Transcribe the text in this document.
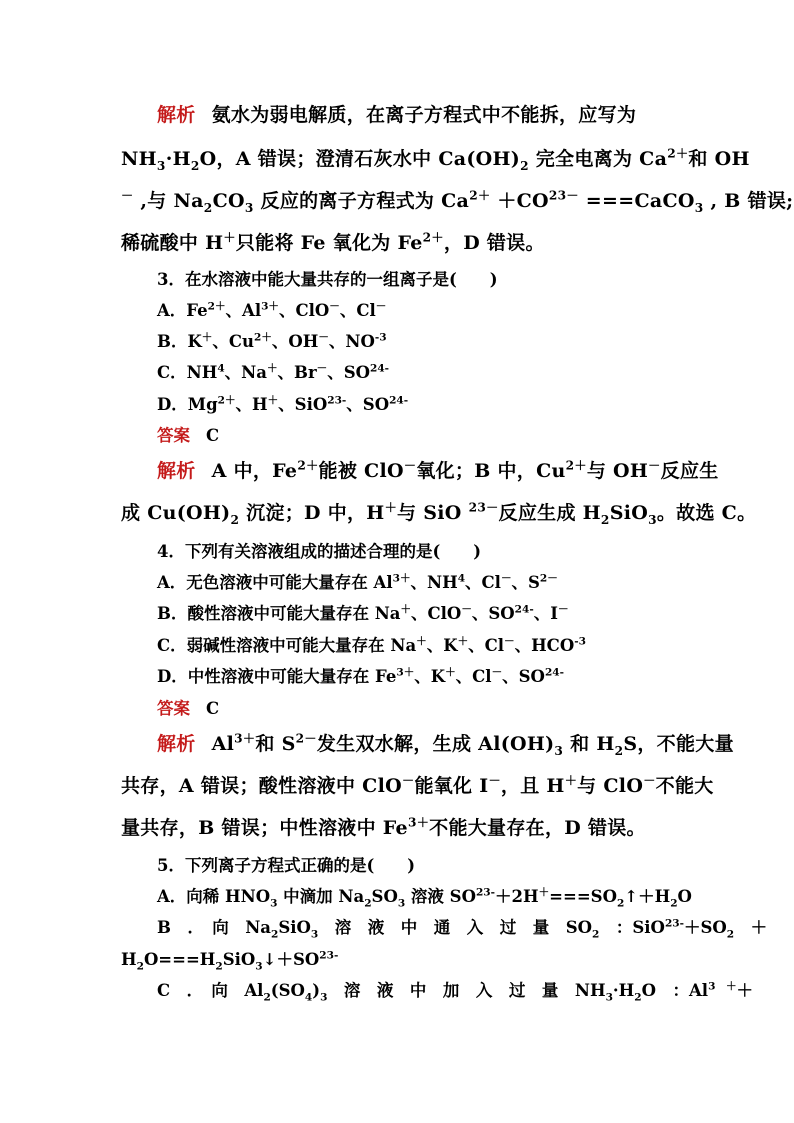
解析 氨水为弱电解质，在离子方程式中不能拆，应写为
$NH_3\cdot H_2O$，A 错误；澄清石灰水中 $Ca(OH)_2$ 完全电离为 $Ca^{2+}$和 OH
－ ,与 $Na_2CO_3$ 反应的离子方程式为 $Ca^{2+} +CO^{23-}$ ===CaCO$_3$ , B 错误;
稀硫酸中 H＋只能将 Fe 氧化为 $Fe^{2+}$，D 错误。
3．在水溶液中能大量共存的一组离子是(　　)
A．$Fe^{2+}$、$Al^{3+}$、ClO－、Cl－
B．K＋、$Cu^{2+}$、OH－、$NO^{-3}$
C．$NH^4$、Na＋、Br－、$SO^{24-}$
D．$Mg^{2+}$、H＋、SiO$^{23-}$、$SO^{24-}$
答案 C
解析 A 中，$Fe^{2+}$能被 ClO－氧化；B 中，$Cu^{2+}$与 OH－反应生
成 $Cu(OH)_2$ 沉淀；D 中，H＋与 SiO $^{23-}$反应生成 $H_2SiO_3$。故选 C。
4．下列有关溶液组成的描述合理的是(　　)
A．无色溶液中可能大量存在 $Al^{3+}$、$NH^4$、Cl－、$S^{2-}$
B．酸性溶液中可能大量存在 Na＋、ClO－、$SO^{24-}$、I－
C．弱碱性溶液中可能大量存在 Na＋、K＋、Cl－、$HCO^{-3}$
D．中性溶液中可能大量存在 $Fe^{3+}$、K＋、Cl－、$SO^{24-}$
答案 C
解析 $Al^{3+}$和 $S^{2-}$发生双水解，生成 $Al(OH)_3$ 和 $H_2S$，不能大量
共存，A 错误；酸性溶液中 ClO－能氧化 I－，且 H＋与 ClO－不能大
量共存，B 错误；中性溶液中 $Fe^{3+}$不能大量存在，D 错误。
5．下列离子方程式正确的是(　　)
A．向稀 $HNO_3$ 中滴加 $Na_2SO_3$ 溶液 $SO^{23-}+2H^+===SO_2↑+H_2O$
B　．　向　$Na_2SiO_3$　溶　液　中　通　入　过　量　$SO_2$　：$SiO^{23-}+SO_2$　＋
$H_2O===H_2SiO_3↓+SO^{23-}$
C　．　向　$Al_2(SO_4)_3$　溶　液　中　加　入　过　量　$NH_3\cdot H_2O$　：$Al^{3 +}+$
